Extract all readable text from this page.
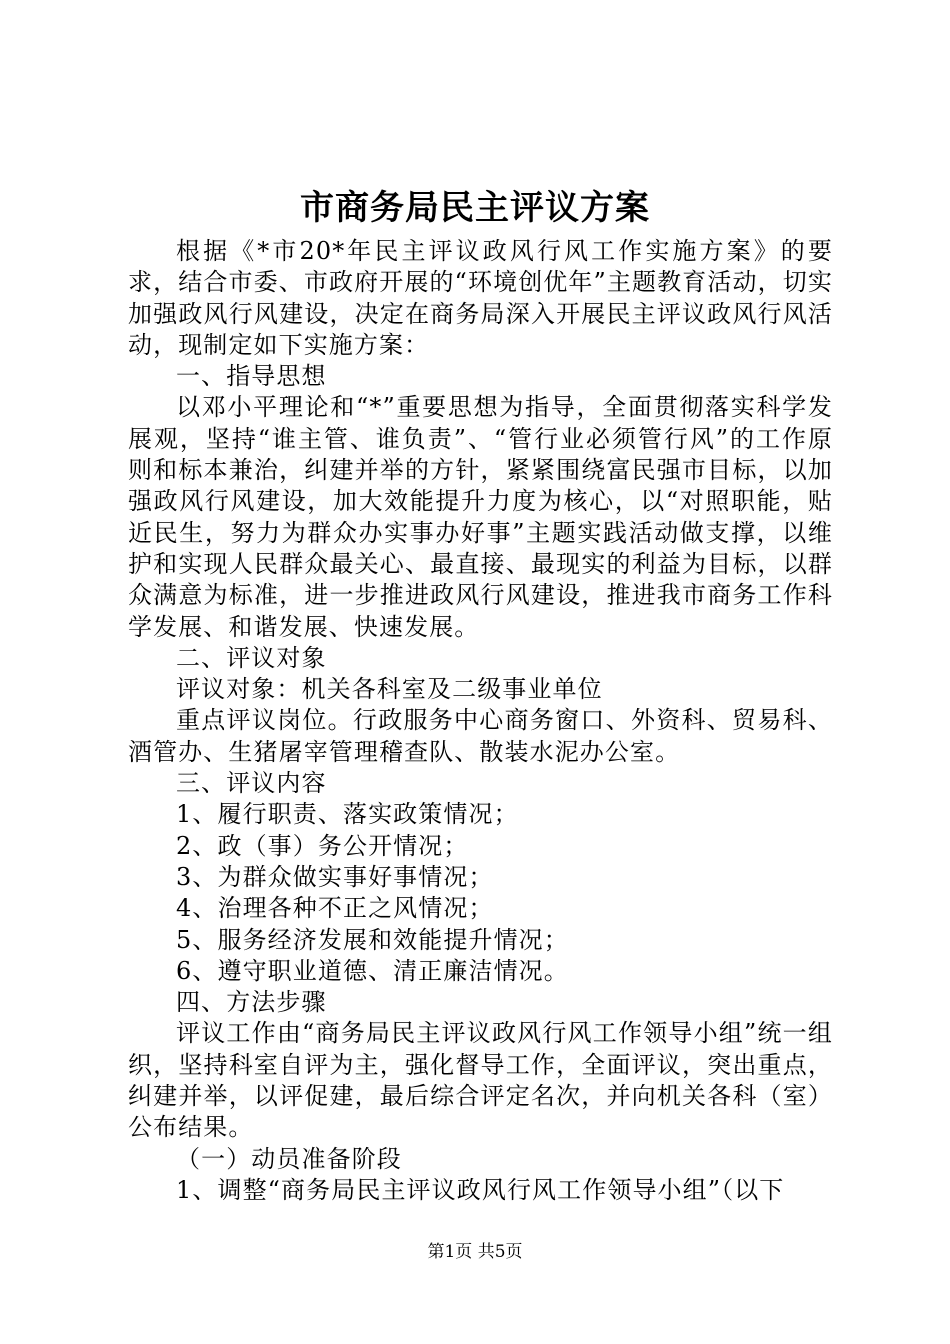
市商务局民主评议方案

根据《*市20*年民主评议政风行风工作实施方案》的要求，结合市委、市政府开展的“环境创优年”主题教育活动，切实加强政风行风建设，决定在商务局深入开展民主评议政风行风活动，现制定如下实施方案：

一、指导思想

以邓小平理论和“*”重要思想为指导，全面贯彻落实科学发展观，坚持“谁主管、谁负责”、“管行业必须管行风”的工作原则和标本兼治，纠建并举的方针，紧紧围绕富民强市目标，以加强政风行风建设，加大效能提升力度为核心，以“对照职能，贴近民生，努力为群众办实事办好事”主题实践活动做支撑，以维护和实现人民群众最关心、最直接、最现实的利益为目标，以群众满意为标准，进一步推进政风行风建设，推进我市商务工作科学发展、和谐发展、快速发展。

二、评议对象

评议对象：机关各科室及二级事业单位

重点评议岗位。行政服务中心商务窗口、外资科、贸易科、酒管办、生猪屠宰管理稽查队、散装水泥办公室。

三、评议内容

1、履行职责、落实政策情况；

2、政（事）务公开情况；

3、为群众做实事好事情况；

4、治理各种不正之风情况；

5、服务经济发展和效能提升情况；

6、遵守职业道德、清正廉洁情况。

四、方法步骤

评议工作由“商务局民主评议政风行风工作领导小组”统一组织，坚持科室自评为主，强化督导工作，全面评议，突出重点，纠建并举，以评促建，最后综合评定名次，并向机关各科（室）公布结果。

（一）动员准备阶段

1、调整“商务局民主评议政风行风工作领导小组”（以下

第1页 共5页
